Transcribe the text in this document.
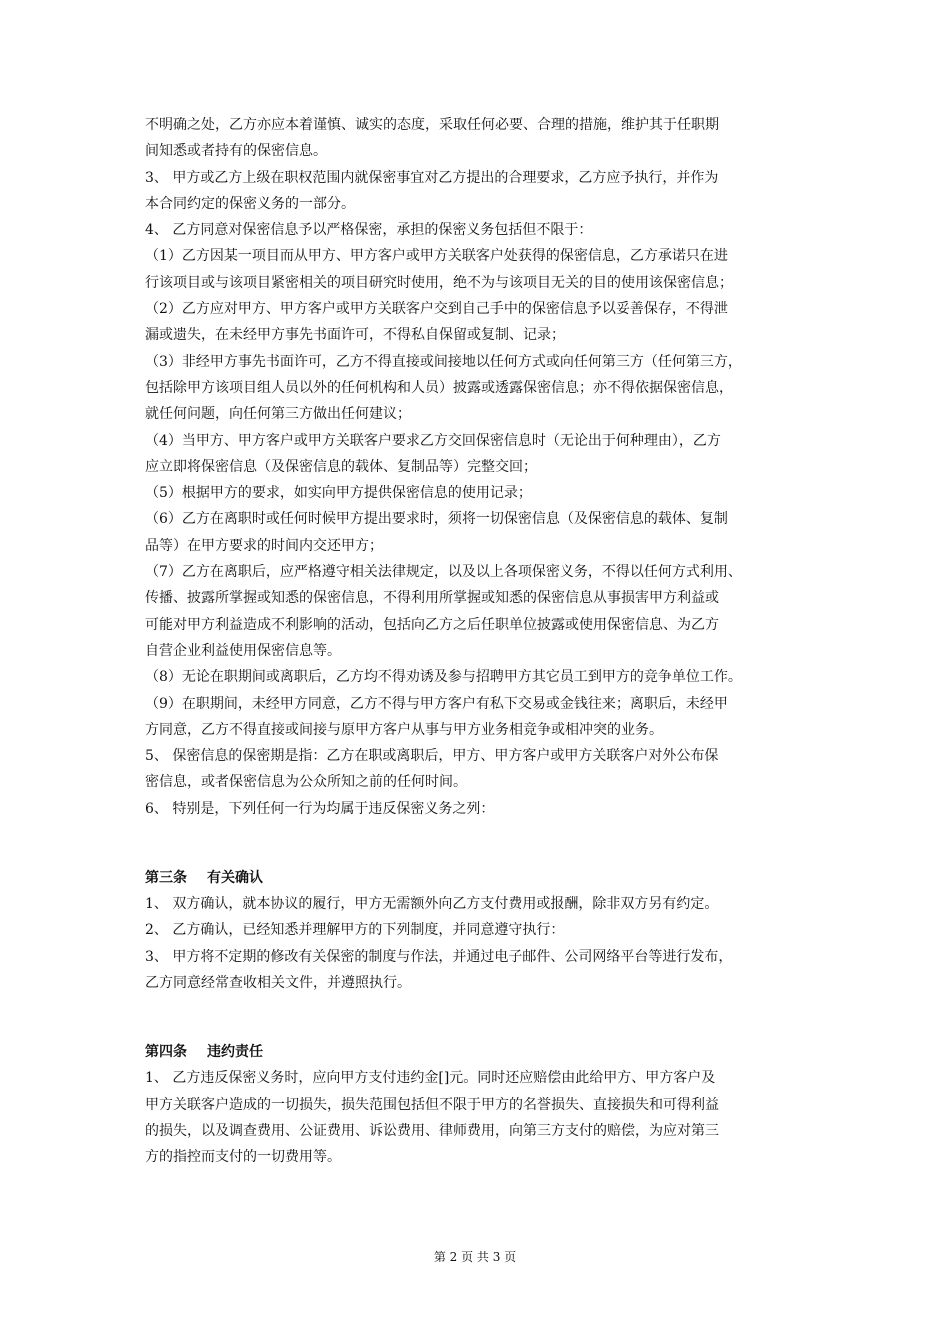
不明确之处，乙方亦应本着谨慎、诚实的态度，采取任何必要、合理的措施，维护其于任职期
间知悉或者持有的保密信息。
3、 甲方或乙方上级在职权范围内就保密事宜对乙方提出的合理要求，乙方应予执行，并作为
本合同约定的保密义务的一部分。
4、 乙方同意对保密信息予以严格保密，承担的保密义务包括但不限于：
（1）乙方因某一项目而从甲方、甲方客户或甲方关联客户处获得的保密信息，乙方承诺只在进
行该项目或与该项目紧密相关的项目研究时使用，绝不为与该项目无关的目的使用该保密信息；
（2）乙方应对甲方、甲方客户或甲方关联客户交到自己手中的保密信息予以妥善保存，不得泄
漏或遗失，在未经甲方事先书面许可，不得私自保留或复制、记录；
（3）非经甲方事先书面许可，乙方不得直接或间接地以任何方式或向任何第三方（任何第三方，
包括除甲方该项目组人员以外的任何机构和人员）披露或透露保密信息；亦不得依据保密信息，
就任何问题，向任何第三方做出任何建议；
（4）当甲方、甲方客户或甲方关联客户要求乙方交回保密信息时（无论出于何种理由），乙方
应立即将保密信息（及保密信息的载体、复制品等）完整交回；
（5）根据甲方的要求，如实向甲方提供保密信息的使用记录；
（6）乙方在离职时或任何时候甲方提出要求时，须将一切保密信息（及保密信息的载体、复制
品等）在甲方要求的时间内交还甲方；
（7）乙方在离职后，应严格遵守相关法律规定，以及以上各项保密义务，不得以任何方式利用、
传播、披露所掌握或知悉的保密信息，不得利用所掌握或知悉的保密信息从事损害甲方利益或
可能对甲方利益造成不利影响的活动，包括向乙方之后任职单位披露或使用保密信息、为乙方
自营企业利益使用保密信息等。
（8）无论在职期间或离职后，乙方均不得劝诱及参与招聘甲方其它员工到甲方的竞争单位工作。
（9）在职期间，未经甲方同意，乙方不得与甲方客户有私下交易或金钱往来；离职后，未经甲
方同意，乙方不得直接或间接与原甲方客户从事与甲方业务相竞争或相冲突的业务。
5、 保密信息的保密期是指：乙方在职或离职后，甲方、甲方客户或甲方关联客户对外公布保
密信息，或者保密信息为公众所知之前的任何时间。
6、 特别是，下列任何一行为均属于违反保密义务之列：
第三条 有关确认
1、 双方确认，就本协议的履行，甲方无需额外向乙方支付费用或报酬，除非双方另有约定。
2、 乙方确认，已经知悉并理解甲方的下列制度，并同意遵守执行：
3、 甲方将不定期的修改有关保密的制度与作法，并通过电子邮件、公司网络平台等进行发布，
乙方同意经常查收相关文件，并遵照执行。
第四条 违约责任
1、 乙方违反保密义务时，应向甲方支付违约金[]元。同时还应赔偿由此给甲方、甲方客户及
甲方关联客户造成的一切损失，损失范围包括但不限于甲方的名誉损失、直接损失和可得利益
的损失，以及调查费用、公证费用、诉讼费用、律师费用，向第三方支付的赔偿，为应对第三
方的指控而支付的一切费用等。
第 2 页 共 3 页
